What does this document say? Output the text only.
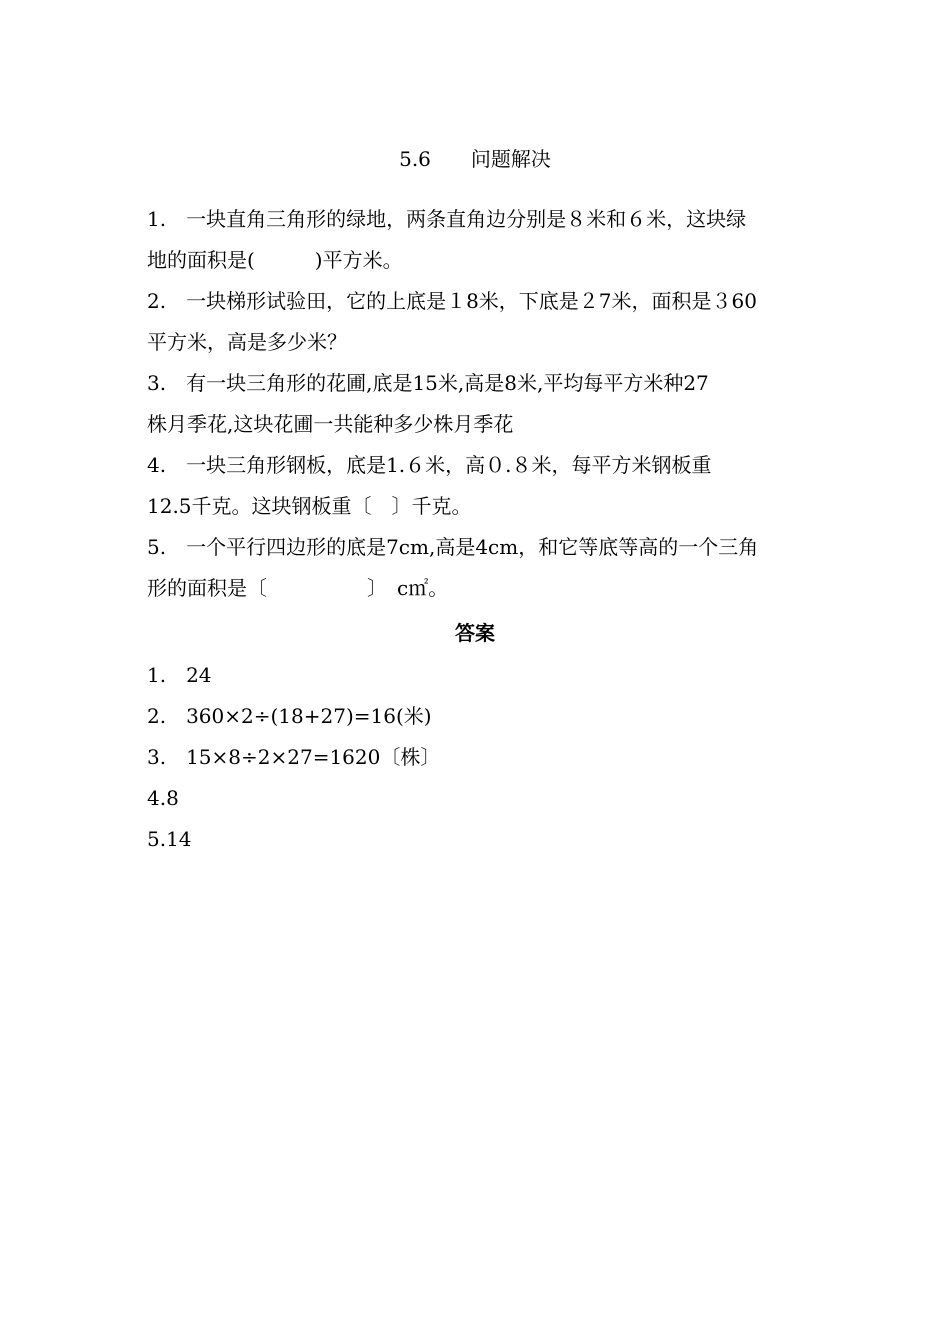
5.6　　问题解决
1.　一块直角三角形的绿地，两条直角边分别是８米和６米，这块绿
地的面积是(　　　)平方米。
2.　一块梯形试验田，它的上底是１8米，下底是２7米，面积是３60
平方米，高是多少米？
3.　有一块三角形的花圃,底是15米,高是8米,平均每平方米种27
株月季花,这块花圃一共能种多少株月季花
4.　一块三角形钢板，底是1.６米，高０.８米，每平方米钢板重
12.5千克。这块钢板重〔　〕千克。
5.　一个平行四边形的底是7cm,高是4cm，和它等底等高的一个三角
形的面积是〔　　　　　〕　c㎡。
答案
1.　24
2.　360×2÷(18+27)=16(米)
3.　15×8÷2×27=1620〔株〕
4.8
5.14
